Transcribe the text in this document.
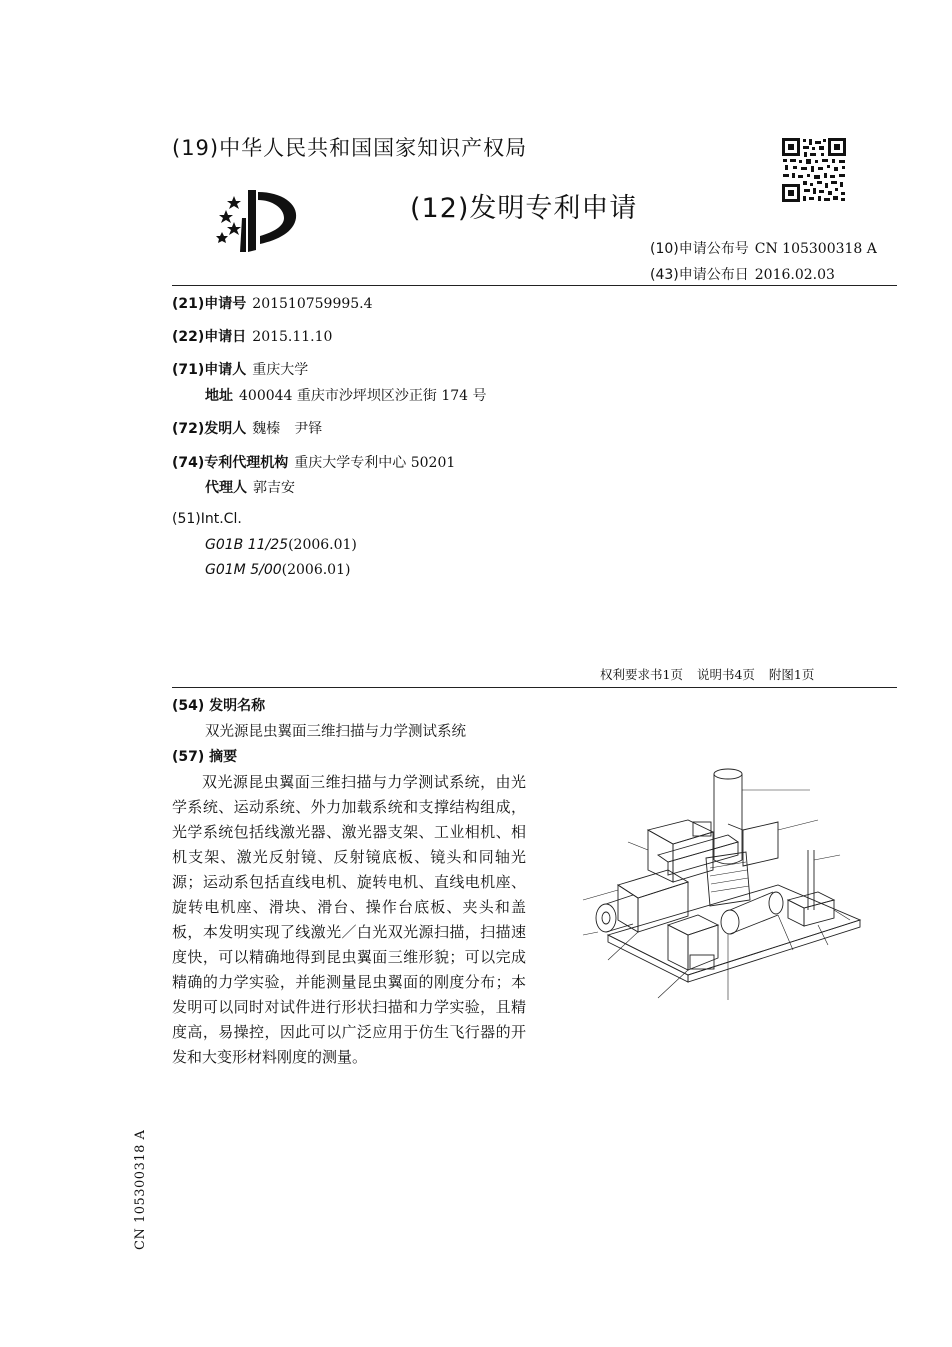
(19)中华人民共和国国家知识产权局
(12)发明专利申请
(10)申请公布号 CN 105300318 A
(43)申请公布日 2016.02.03
(21)申请号 201510759995.4
(22)申请日 2015.11.10
(71)申请人 重庆大学
地址 400044 重庆市沙坪坝区沙正街 174 号
(72)发明人 魏榛　尹铎
(74)专利代理机构 重庆大学专利中心 50201
代理人 郭吉安
(51)Int.Cl.
G01B 11/25(2006.01)
G01M 5/00(2006.01)
权利要求书1页 说明书4页 附图1页
(54) 发明名称
双光源昆虫翼面三维扫描与力学测试系统
(57) 摘要
双光源昆虫翼面三维扫描与力学测试系统，由光学系统、运动系统、外力加载系统和支撑结构组成，光学系统包括线激光器、激光器支架、工业相机、相机支架、激光反射镜、反射镜底板、镜头和同轴光源；运动系包括直线电机、旋转电机、直线电机座、旋转电机座、滑块、滑台、操作台底板、夹头和盖板，本发明实现了线激光／白光双光源扫描，扫描速度快，可以精确地得到昆虫翼面三维形貌；可以完成精确的力学实验，并能测量昆虫翼面的刚度分布；本发明可以同时对试件进行形状扫描和力学实验，且精度高，易操控，因此可以广泛应用于仿生飞行器的开发和大变形材料刚度的测量。
CN 105300318 A
